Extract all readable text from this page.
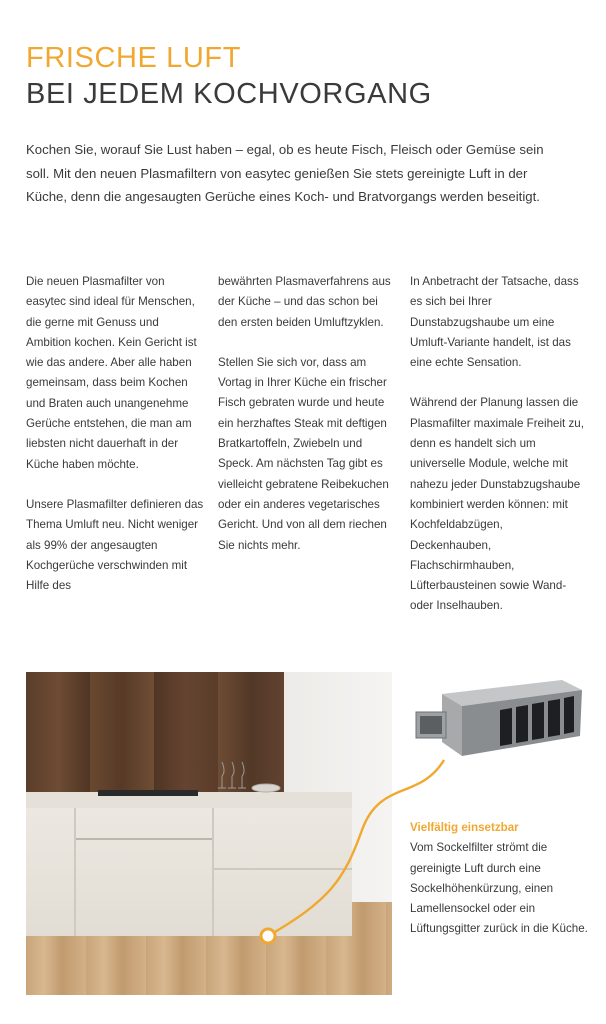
FRISCHE LUFT
BEI JEDEM KOCHVORGANG

Kochen Sie, worauf Sie Lust haben – egal, ob es heute Fisch, Fleisch oder Gemüse sein soll. Mit den neuen Plasmafiltern von easytec genießen Sie stets gereinigte Luft in der Küche, denn die angesaugten Gerüche eines Koch- und Bratvorgangs werden beseitigt.

Die neuen Plasmafilter von easytec sind ideal für Menschen, die gerne mit Genuss und Ambition kochen. Kein Gericht ist wie das andere. Aber alle haben gemeinsam, dass beim Kochen und Braten auch unangenehme Gerüche entstehen, die man am liebsten nicht dauerhaft in der Küche haben möchte.

Unsere Plasmafilter definieren das Thema Umluft neu. Nicht weniger als 99% der angesaugten Kochgerüche verschwinden mit Hilfe des

bewährten Plasmaverfahrens aus der Küche – und das schon bei den ersten beiden Umluftzyklen.

Stellen Sie sich vor, dass am Vortag in Ihrer Küche ein frischer Fisch gebraten wurde und heute ein herzhaftes Steak mit deftigen Bratkartoffeln, Zwiebeln und Speck. Am nächsten Tag gibt es vielleicht gebratene Reibekuchen oder ein anderes vegetarisches Gericht. Und von all dem riechen Sie nichts mehr.

In Anbetracht der Tatsache, dass es sich bei Ihrer Dunstabzugshaube um eine Umluft-Variante handelt, ist das eine echte Sensation.

Während der Planung lassen die Plasmafilter maximale Freiheit zu, denn es handelt sich um universelle Module, welche mit nahezu jeder Dunstabzugshaube kombiniert werden können: mit Kochfeldabzügen, Deckenhauben, Flachschirmhauben, Lüfterbausteinen sowie Wand- oder Inselhauben.

Vielfältig einsetzbar
Vom Sockelfilter strömt die gereinigte Luft durch eine Sockelhöhenkürzung, einen Lamellensockel oder ein Lüftungsgitter zurück in die Küche.
